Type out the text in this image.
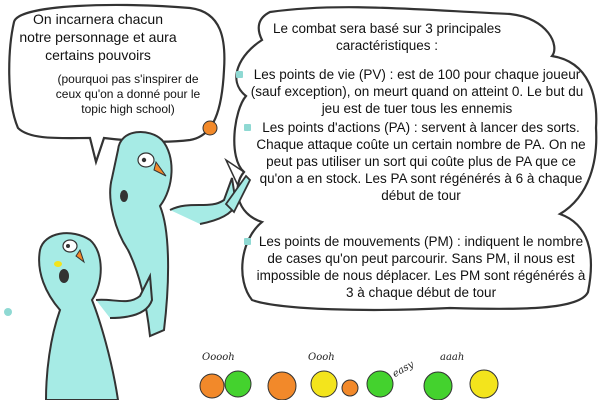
On incarnera chacun notre personnage et aura certains pouvoirs
(pourquoi pas s'inspirer de ceux qu'on a donné pour le topic high school)
Le combat sera basé sur 3 principales caractéristiques :
Les points de vie (PV) : est de 100 pour chaque joueur (sauf exception), on meurt quand on atteint 0. Le but du jeu est de tuer tous les ennemis
Les points d'actions (PA) : servent à lancer des sorts. Chaque attaque coûte un certain nombre de PA. On ne peut pas utiliser un sort qui coûte plus de PA que ce qu'on a en stock. Les PA sont régénérés à 6 à chaque début de tour
Les points de mouvements (PM) : indiquent le nombre de cases qu'on peut parcourir. Sans PM, il nous est impossible de nous déplacer. Les PM sont régénérés à 3 à chaque début de tour
Ooooh	Oooh
easy
aaah
